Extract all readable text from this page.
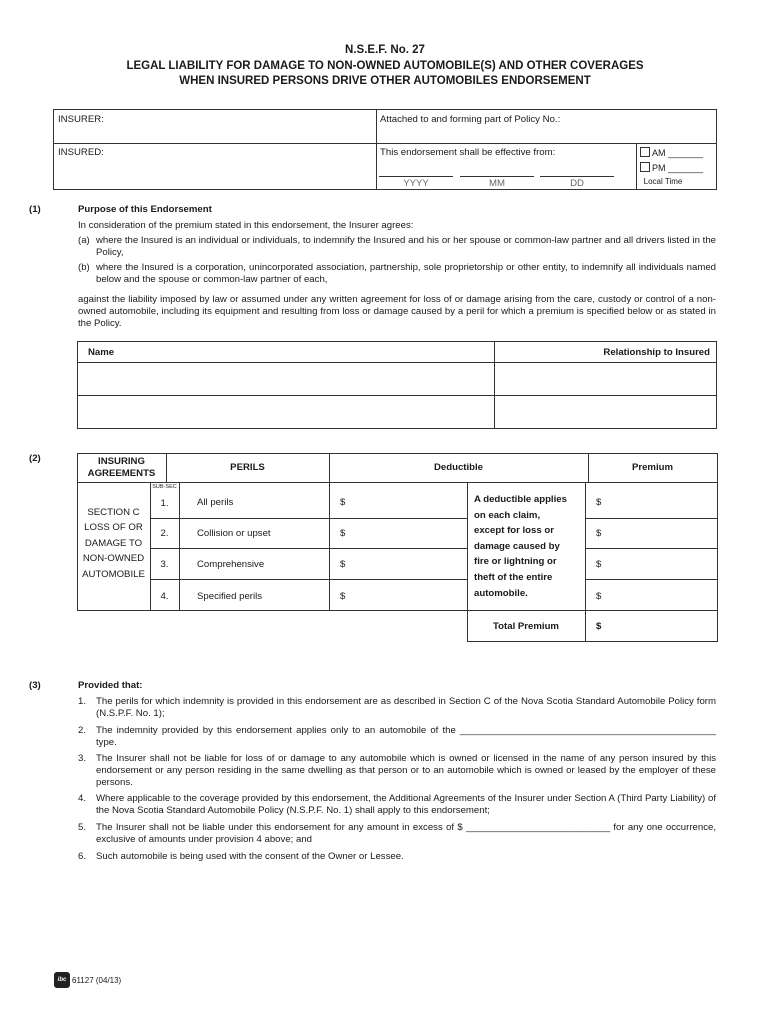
N.S.E.F. No. 27
LEGAL LIABILITY FOR DAMAGE TO NON-OWNED AUTOMOBILE(S) AND OTHER COVERAGES
WHEN INSURED PERSONS DRIVE OTHER AUTOMOBILES ENDORSEMENT
INSURER:	Attached to and forming part of Policy No.:
INSURED:	This endorsement shall be effective from:
YYYY	MM	DD
AM _______
PM _______
Local Time
(1)	Purpose of this Endorsement
In consideration of the premium stated in this endorsement, the Insurer agrees:
(a) where the Insured is an individual or individuals, to indemnify the Insured and his or her spouse or common-law partner and all drivers listed in the Policy,
(b) where the Insured is a corporation, unincorporated association, partnership, sole proprietorship or other entity, to indemnify all individuals named below and the spouse or common-law partner of each,
against the liability imposed by law or assumed under any written agreement for loss of or damage arising from the care, custody or control of a non-owned automobile, including its equipment and resulting from loss or damage caused by a peril for which a premium is specified below or as stated in the Policy.
Name	Relationship to Insured
(2)	INSURING AGREEMENTS
PERILS	Deductible	Premium
SUB-SEC
SECTION C
LOSS OF OR
DAMAGE TO
NON-OWNED
AUTOMOBILE
1.	All perils	$	$
2.	Collision or upset	$	$
3.	Comprehensive	$	$
4.	Specified perils	$	$
A deductible applies
on each claim,
except for loss or
damage caused by
fire or lightning or
theft of the entire
automobile.
Total Premium	$
(3)	Provided that:
1. The perils for which indemnity is provided in this endorsement are as described in Section C of the Nova Scotia Standard Automobile Policy form (N.S.P.F. No. 1);
2. The indemnity provided by this endorsement applies only to an automobile of the ________________________________________________ type.
3. The Insurer shall not be liable for loss of or damage to any automobile which is owned or licensed in the name of any person insured by this endorsement or any person residing in the same dwelling as that person or to an automobile which is owned or leased by the employer of these persons.
4. Where applicable to the coverage provided by this endorsement, the Additional Agreements of the Insurer under Section A (Third Party Liability) of the Nova Scotia Standard Automobile Policy (N.S.P.F. No. 1) shall apply to this endorsement;
5. The Insurer shall not be liable under this endorsement for any amount in excess of $ ___________________________ for any one occurrence, exclusive of amounts under provision 4 above; and
6. Such automobile is being used with the consent of the Owner or Lessee.
ibc 61127 (04/13)
